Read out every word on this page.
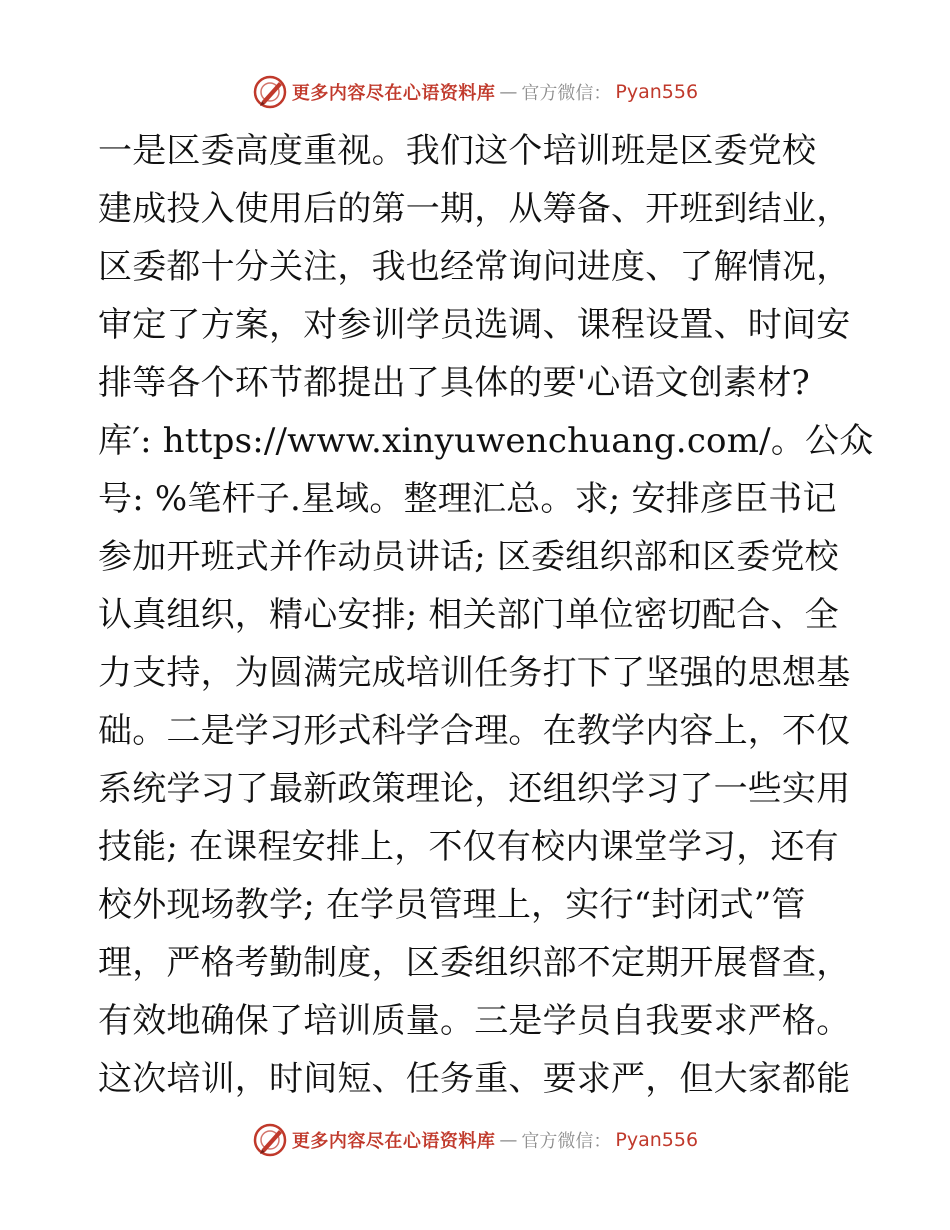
更多内容尽在心语资料库 — 官方微信： Pyan556
一是区委高度重视。我们这个培训班是区委党校
建成投入使用后的第一期，从筹备、开班到结业，
区委都十分关注，我也经常询问进度、了解情况，
审定了方案，对参训学员选调、课程设置、时间安
排等各个环节都提出了具体的要'心语文创素材?
库′: https://www.xinyuwenchuang.com/。公众
号: %笔杆子.星域。整理汇总。求; 安排彦臣书记
参加开班式并作动员讲话; 区委组织部和区委党校
认真组织，精心安排; 相关部门单位密切配合、全
力支持，为圆满完成培训任务打下了坚强的思想基
础。二是学习形式科学合理。在教学内容上，不仅
系统学习了最新政策理论，还组织学习了一些实用
技能; 在课程安排上，不仅有校内课堂学习，还有
校外现场教学; 在学员管理上，实行“封闭式”管
理，严格考勤制度，区委组织部不定期开展督查，
有效地确保了培训质量。三是学员自我要求严格。
这次培训，时间短、任务重、要求严，但大家都能
更多内容尽在心语资料库 — 官方微信： Pyan556
